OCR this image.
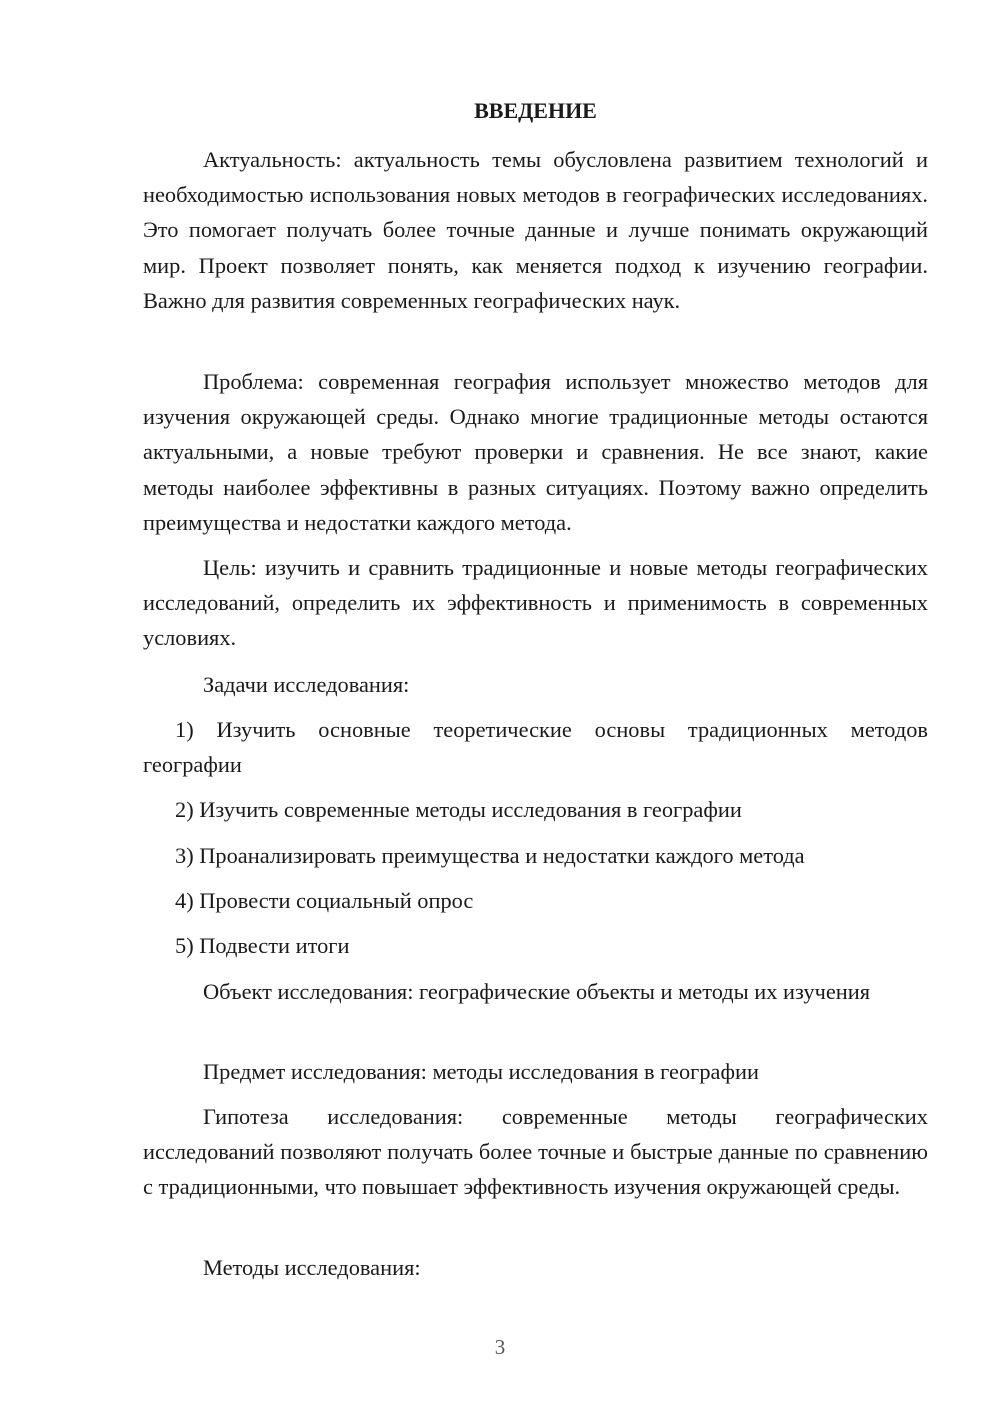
ВВЕДЕНИЕ

Актуальность: актуальность темы обусловлена развитием технологий и необходимостью использования новых методов в географических исследованиях. Это помогает получать более точные данные и лучше понимать окружающий мир. Проект позволяет понять, как меняется подход к изучению географии. Важно для развития современных географических наук.

Проблема: современная география использует множество методов для изучения окружающей среды. Однако многие традиционные методы остаются актуальными, а новые требуют проверки и сравнения. Не все знают, какие методы наиболее эффективны в разных ситуациях. Поэтому важно определить преимущества и недостатки каждого метода.

Цель: изучить и сравнить традиционные и новые методы географических исследований, определить их эффективность и применимость в современных условиях.

Задачи исследования:

1) Изучить основные теоретические основы традиционных методов географии

2) Изучить современные методы исследования в географии

3) Проанализировать преимущества и недостатки каждого метода

4) Провести социальный опрос

5) Подвести итоги

Объект исследования: географические объекты и методы их изучения

Предмет исследования: методы исследования в географии

Гипотеза исследования: современные методы географических исследований позволяют получать более точные и быстрые данные по сравнению с традиционными, что повышает эффективность изучения окружающей среды.

Методы исследования:

3
